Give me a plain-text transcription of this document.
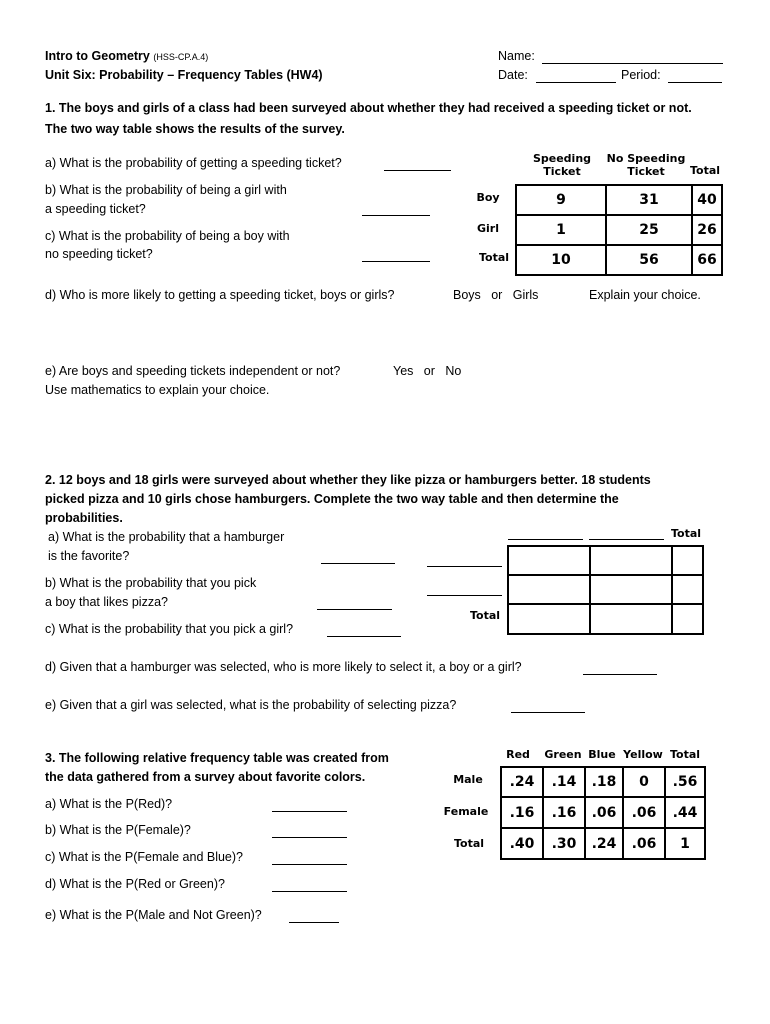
Intro to Geometry (HSS-CP.A.4)
Unit Six: Probability – Frequency Tables (HW4)
Name:
Date:	Period:
1. The boys and girls of a class had been surveyed about whether they had received a speeding ticket or not.
The two way table shows the results of the survey.
a) What is the probability of getting a speeding ticket?
b) What is the probability of being a girl with
a speeding ticket?
c) What is the probability of being a boy with
no speeding ticket?
Speeding
Ticket
No Speeding
Ticket	Total
Boy
Girl
Total
9	31	40
1	25	26
10	56	66
d) Who is more likely to getting a speeding ticket, boys or girls?	Boys   or   Girls	Explain your choice.
e) Are boys and speeding tickets independent or not?	Yes   or   No
Use mathematics to explain your choice.
2. 12 boys and 18 girls were surveyed about whether they like pizza or hamburgers better. 18 students
picked pizza and 10 girls chose hamburgers. Complete the two way table and then determine the
probabilities.
a) What is the probability that a hamburger
is the favorite?
b) What is the probability that you pick
a boy that likes pizza?
c) What is the probability that you pick a girl?
Total
Total

d) Given that a hamburger was selected, who is more likely to select it, a boy or a girl?
e) Given that a girl was selected, what is the probability of selecting pizza?
3. The following relative frequency table was created from
the data gathered from a survey about favorite colors.
a) What is the P(Red)?
b) What is the P(Female)?
c) What is the P(Female and Blue)?
d) What is the P(Red or Green)?
e) What is the P(Male and Not Green)?
Red	Green Blue Yellow Total
Male
Female
Total
.24	.14	.18	0	.56
.16	.16	.06	.06	.44
.40	.30	.24	.06	1
